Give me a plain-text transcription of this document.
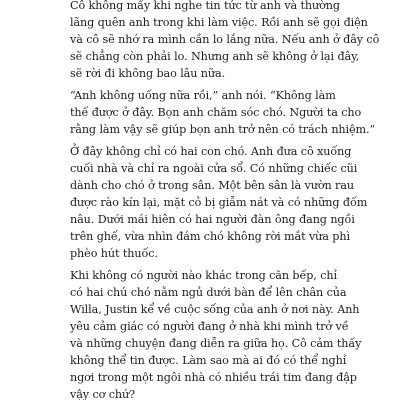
Cô không mấy khi nghe tin tức từ anh và thường
lãng quên anh trong khi làm việc. Rồi anh sẽ gọi điện
và cô sẽ nhớ ra mình cần lo lắng nữa. Nếu anh ở đây cô
sẽ chẳng còn phải lo. Nhưng anh sẽ không ở lại đây,
sẽ rời đi không bao lâu nữa.

“Anh không uống nữa rồi,” anh nói. “Không làm
thế được ở đây. Bọn anh chăm sóc chó. Người ta cho
rằng làm vậy sẽ giúp bọn anh trở nên có trách nhiệm.”

Ở đây không chỉ có hai con chó. Anh đưa cô xuống
cuối nhà và chỉ ra ngoài cửa sổ. Có những chiếc cũi
dành cho chó ở trong sân. Một bên sân là vườn rau
được rào kín lại, mặt cỏ bị giẫm nát và có những đốm
nâu. Dưới mái hiên có hai người đàn ông đang ngồi
trên ghế, vừa nhìn đám chó không rời mắt vừa phì
phèo hút thuốc.

Khi không có người nào khác trong căn bếp, chỉ
có hai chú chó nằm ngủ dưới bàn để lên chân của
Willa, Justin kể về cuộc sống của anh ở nơi này. Anh
yêu cảm giác có người đang ở nhà khi mình trở về
và những chuyện đang diễn ra giữa họ. Cô cảm thấy
không thể tin được. Làm sao mà ai đó có thể nghỉ
ngơi trong một ngôi nhà có nhiều trái tim đang đập
vậy cơ chứ?
